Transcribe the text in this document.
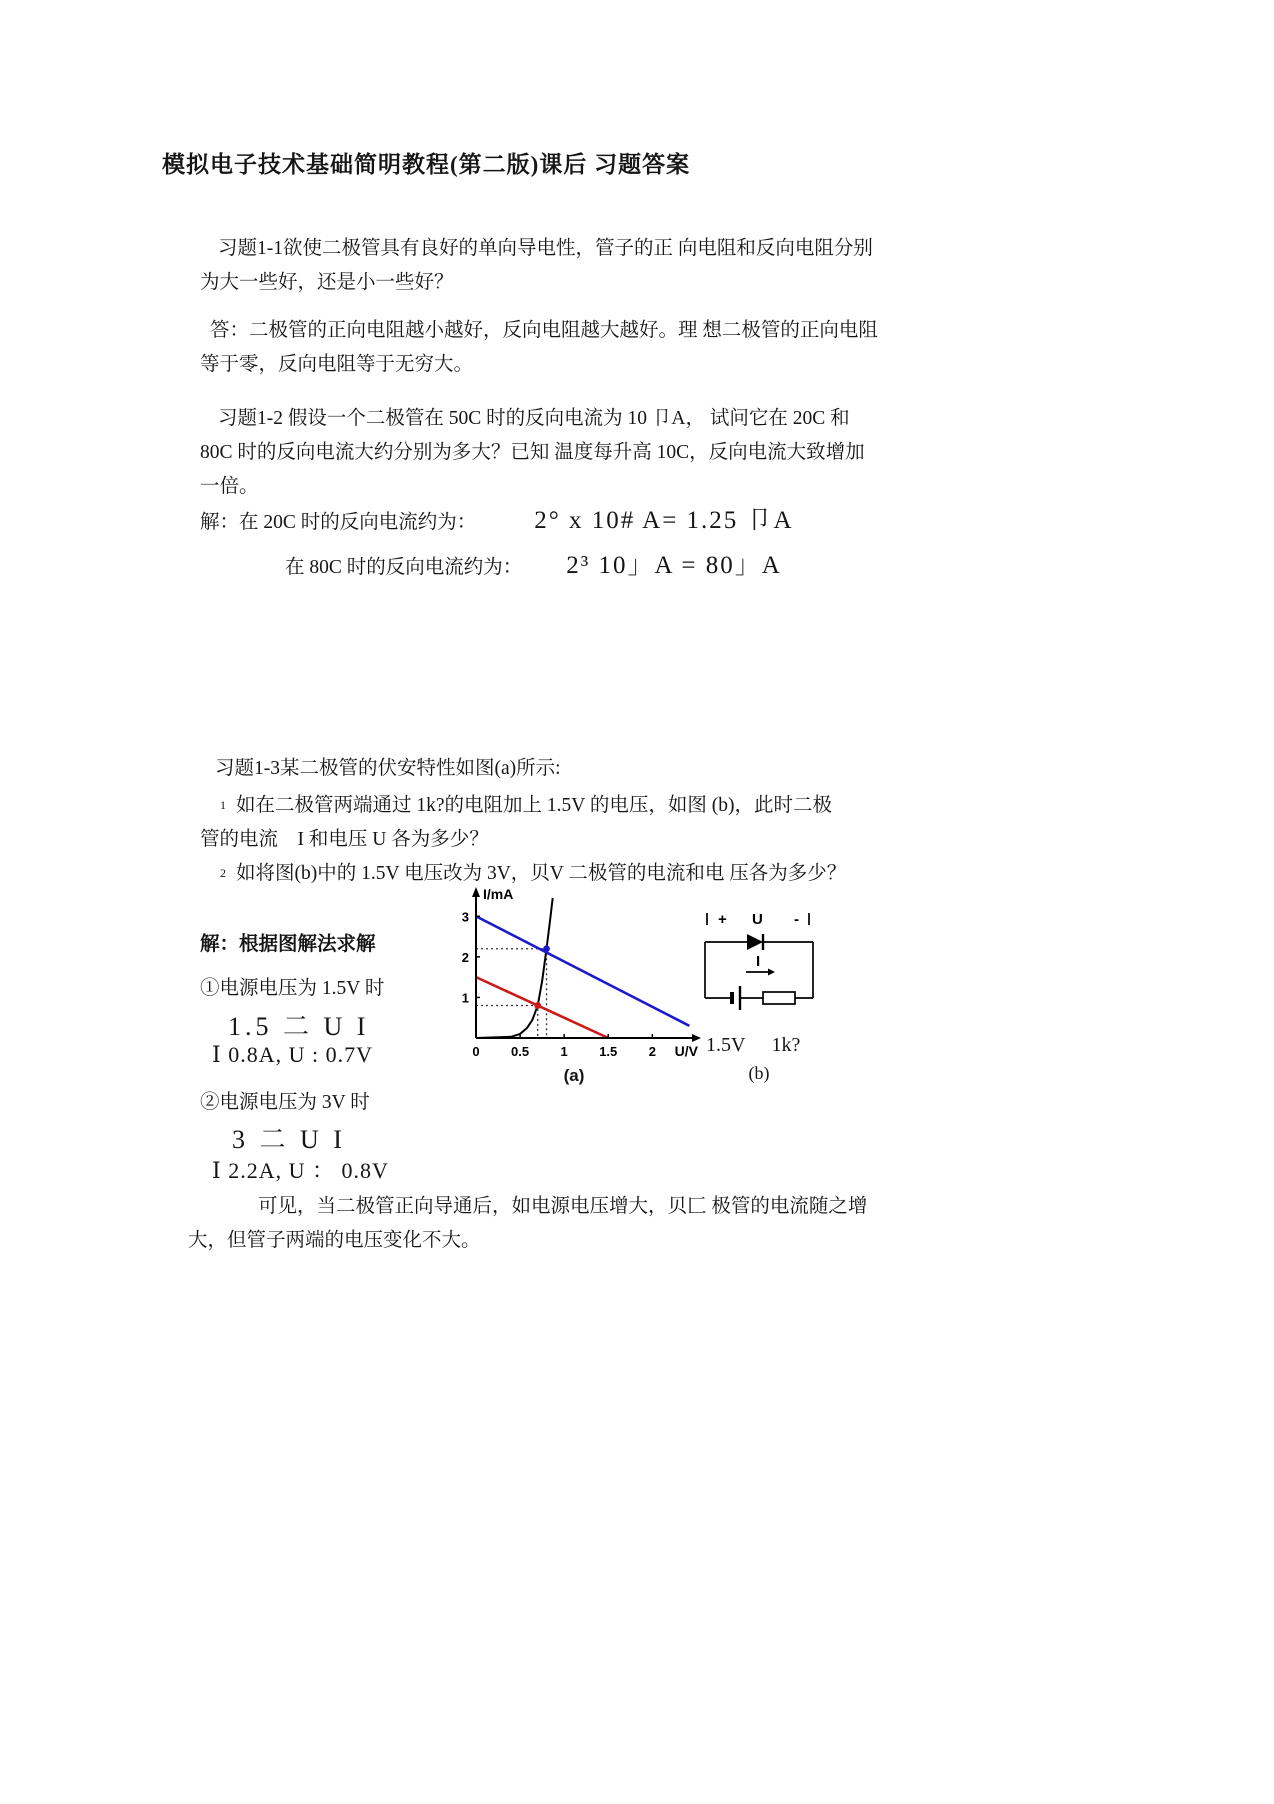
模拟电子技术基础简明教程(第二版)课后 习题答案

习题1-1欲使二极管具有良好的单向导电性，管子的正 向电阻和反向电阻分别为大一些好，还是小一些好？

答：二极管的正向电阻越小越好，反向电阻越大越好。理 想二极管的正向电阻等于零，反向电阻等于无穷大。

习题1-2 假设一个二极管在 50C 时的反向电流为 10 卩A， 试问它在 20C 和 80C 时的反向电流大约分别为多大？已知 温度每升高 10C，反向电流大致增加一倍。

解：在 20C 时的反向电流约为： 2° x 10# A= 1.25 卩A
在 80C 时的反向电流约为： 2³ 10」A = 80」A

习题1-3某二极管的伏安特性如图(a)所示:

1 如在二极管两端通过 1k?的电阻加上 1.5V 的电压，如图 (b)，此时二极管的电流　I 和电压 U 各为多少？

2 如将图(b)中的 1.5V 电压改为 3V，贝V 二极管的电流和电 压各为多少？

解：根据图解法求解
①电源电压为 1.5V 时
1.5 二 U I
Ⅰ 0.8A, U : 0.7V
②电源电压为 3V 时
3 二 U I
Ⅰ 2.2A, U ： 0.8V

可见，当二极管正向导通后，如电源电压增大，贝匚 极管的电流随之增大，但管子两端的电压变化不大。

0 0.5 1 1.5 2
1
2
3
U/V
I/mA
(a)
+ U -
I
1.5V 1k?
(b)
